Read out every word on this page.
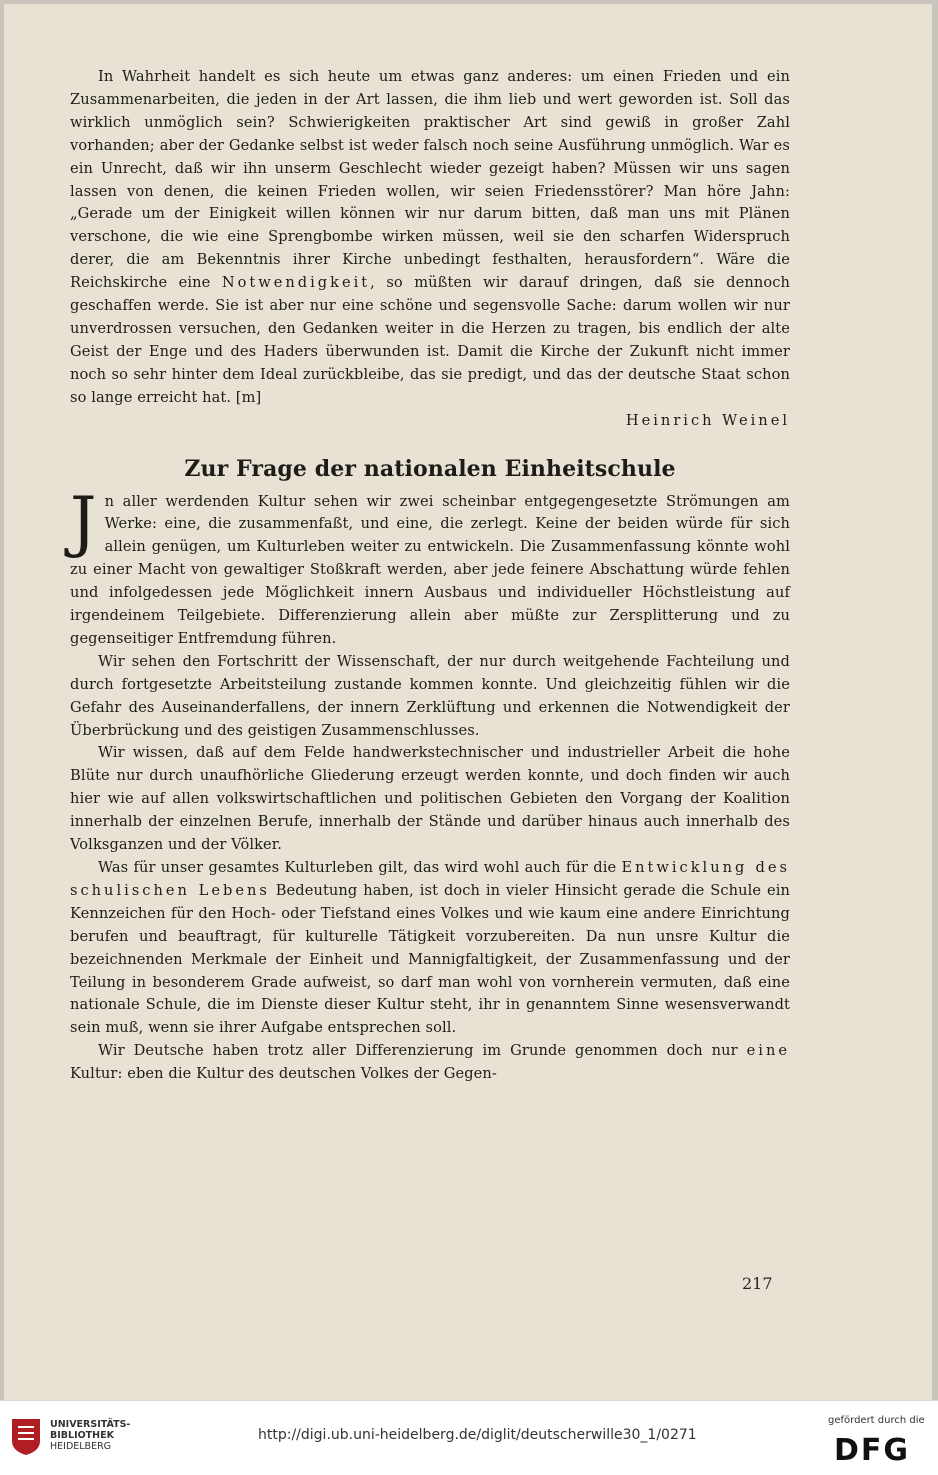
In Wahrheit handelt es sich heute um etwas ganz anderes: um einen Frieden und ein Zusammenarbeiten, die jeden in der Art lassen, die ihm lieb und wert geworden ist. Soll das wirklich unmöglich sein? Schwierigkeiten praktischer Art sind gewiß in großer Zahl vorhanden; aber der Gedanke selbst ist weder falsch noch seine Ausführung unmöglich. War es ein Unrecht, daß wir ihn unserm Geschlecht wieder gezeigt haben? Müssen wir uns sagen lassen von denen, die keinen Frieden wollen, wir seien Friedensstörer? Man höre Jahn: „Gerade um der Einigkeit willen können wir nur darum bitten, daß man uns mit Plänen verschone, die wie eine Sprengbombe wirken müssen, weil sie den scharfen Widerspruch derer, die am Bekenntnis ihrer Kirche unbedingt festhalten, herausfordern“. Wäre die Reichskirche eine Notwendigkeit, so müßten wir darauf dringen, daß sie dennoch geschaffen werde. Sie ist aber nur eine schöne und segensvolle Sache: darum wollen wir nur unverdrossen versuchen, den Gedanken weiter in die Herzen zu tragen, bis endlich der alte Geist der Enge und des Haders überwunden ist. Damit die Kirche der Zukunft nicht immer noch so sehr hinter dem Ideal zurückbleibe, das sie predigt, und das der deutsche Staat schon so lange erreicht hat. [m]

Heinrich Weinel
Zur Frage der nationalen Einheitschule

Jn aller werdenden Kultur sehen wir zwei scheinbar entgegengesetzte Strömungen am Werke: eine, die zusammenfaßt, und eine, die zerlegt. Keine der beiden würde für sich allein genügen, um Kulturleben weiter zu entwickeln. Die Zusammenfassung könnte wohl zu einer Macht von gewaltiger Stoßkraft werden, aber jede feinere Abschattung würde fehlen und infolgedessen jede Möglichkeit innern Ausbaus und individueller Höchstleistung auf irgendeinem Teilgebiete. Differenzierung allein aber müßte zur Zersplitterung und zu gegenseitiger Entfremdung führen.

Wir sehen den Fortschritt der Wissenschaft, der nur durch weitgehende Fachteilung und durch fortgesetzte Arbeitsteilung zustande kommen konnte. Und gleichzeitig fühlen wir die Gefahr des Auseinanderfallens, der innern Zerklüftung und erkennen die Notwendigkeit der Überbrückung und des geistigen Zusammenschlusses.

Wir wissen, daß auf dem Felde handwerkstechnischer und industrieller Arbeit die hohe Blüte nur durch unaufhörliche Gliederung erzeugt werden konnte, und doch finden wir auch hier wie auf allen volkswirtschaftlichen und politischen Gebieten den Vorgang der Koalition innerhalb der einzelnen Berufe, innerhalb der Stände und darüber hinaus auch innerhalb des Volksganzen und der Völker.

Was für unser gesamtes Kulturleben gilt, das wird wohl auch für die Entwicklung des schulischen Lebens Bedeutung haben, ist doch in vieler Hinsicht gerade die Schule ein Kennzeichen für den Hoch- oder Tiefstand eines Volkes und wie kaum eine andere Einrichtung berufen und beauftragt, für kulturelle Tätigkeit vorzubereiten. Da nun unsre Kultur die bezeichnenden Merkmale der Einheit und Mannigfaltigkeit, der Zusammenfassung und der Teilung in besonderem Grade aufweist, so darf man wohl von vornherein vermuten, daß eine nationale Schule, die im Dienste dieser Kultur steht, ihr in genanntem Sinne wesensverwandt sein muß, wenn sie ihrer Aufgabe entsprechen soll.

Wir Deutsche haben trotz aller Differenzierung im Grunde genommen doch nur eine Kultur: eben die Kultur des deutschen Volkes der Gegen-

217
UNIVERSITÄTS-
BIBLIOTHEK
HEIDELBERG
http://digi.ub.uni-heidelberg.de/diglit/deutscherwille30_1/0271
gefördert durch die
DFG
